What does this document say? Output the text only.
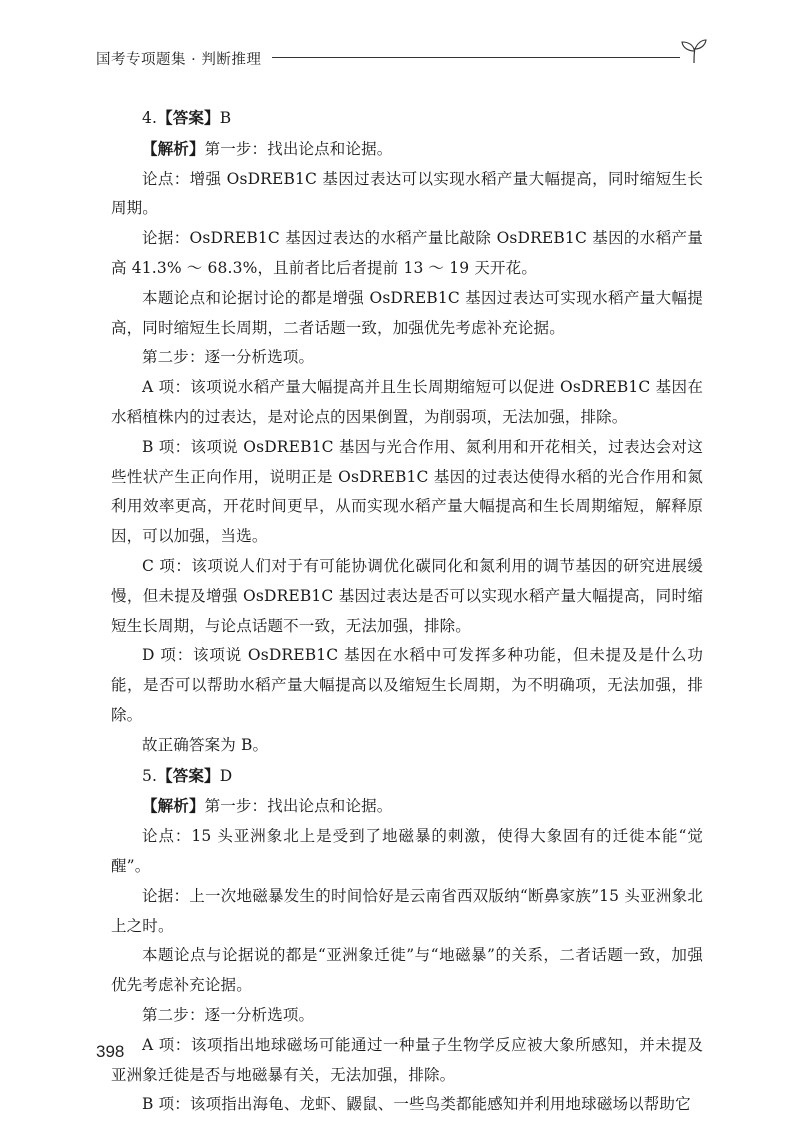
国考专项题集 · 判断推理

4.【答案】B

【解析】第一步：找出论点和论据。

论点：增强 OsDREB1C 基因过表达可以实现水稻产量大幅提高，同时缩短生长周期。

论据：OsDREB1C 基因过表达的水稻产量比敲除 OsDREB1C 基因的水稻产量高 41.3% ～ 68.3%，且前者比后者提前 13 ～ 19 天开花。

本题论点和论据讨论的都是增强 OsDREB1C 基因过表达可实现水稻产量大幅提高，同时缩短生长周期，二者话题一致，加强优先考虑补充论据。

第二步：逐一分析选项。

A 项：该项说水稻产量大幅提高并且生长周期缩短可以促进 OsDREB1C 基因在水稻植株内的过表达，是对论点的因果倒置，为削弱项，无法加强，排除。

B 项：该项说 OsDREB1C 基因与光合作用、氮利用和开花相关，过表达会对这些性状产生正向作用，说明正是 OsDREB1C 基因的过表达使得水稻的光合作用和氮利用效率更高，开花时间更早，从而实现水稻产量大幅提高和生长周期缩短，解释原因，可以加强，当选。

C 项：该项说人们对于有可能协调优化碳同化和氮利用的调节基因的研究进展缓慢，但未提及增强 OsDREB1C 基因过表达是否可以实现水稻产量大幅提高，同时缩短生长周期，与论点话题不一致，无法加强，排除。

D 项：该项说 OsDREB1C 基因在水稻中可发挥多种功能，但未提及是什么功能，是否可以帮助水稻产量大幅提高以及缩短生长周期，为不明确项，无法加强，排除。

故正确答案为 B。

5.【答案】D

【解析】第一步：找出论点和论据。

论点：15 头亚洲象北上是受到了地磁暴的刺激，使得大象固有的迁徙本能“觉醒”。

论据：上一次地磁暴发生的时间恰好是云南省西双版纳“断鼻家族”15 头亚洲象北上之时。

本题论点与论据说的都是“亚洲象迁徙”与“地磁暴”的关系，二者话题一致，加强优先考虑补充论据。

第二步：逐一分析选项。

A 项：该项指出地球磁场可能通过一种量子生物学反应被大象所感知，并未提及亚洲象迁徙是否与地磁暴有关，无法加强，排除。

B 项：该项指出海龟、龙虾、鼹鼠、一些鸟类都能感知并利用地球磁场以帮助它

398
